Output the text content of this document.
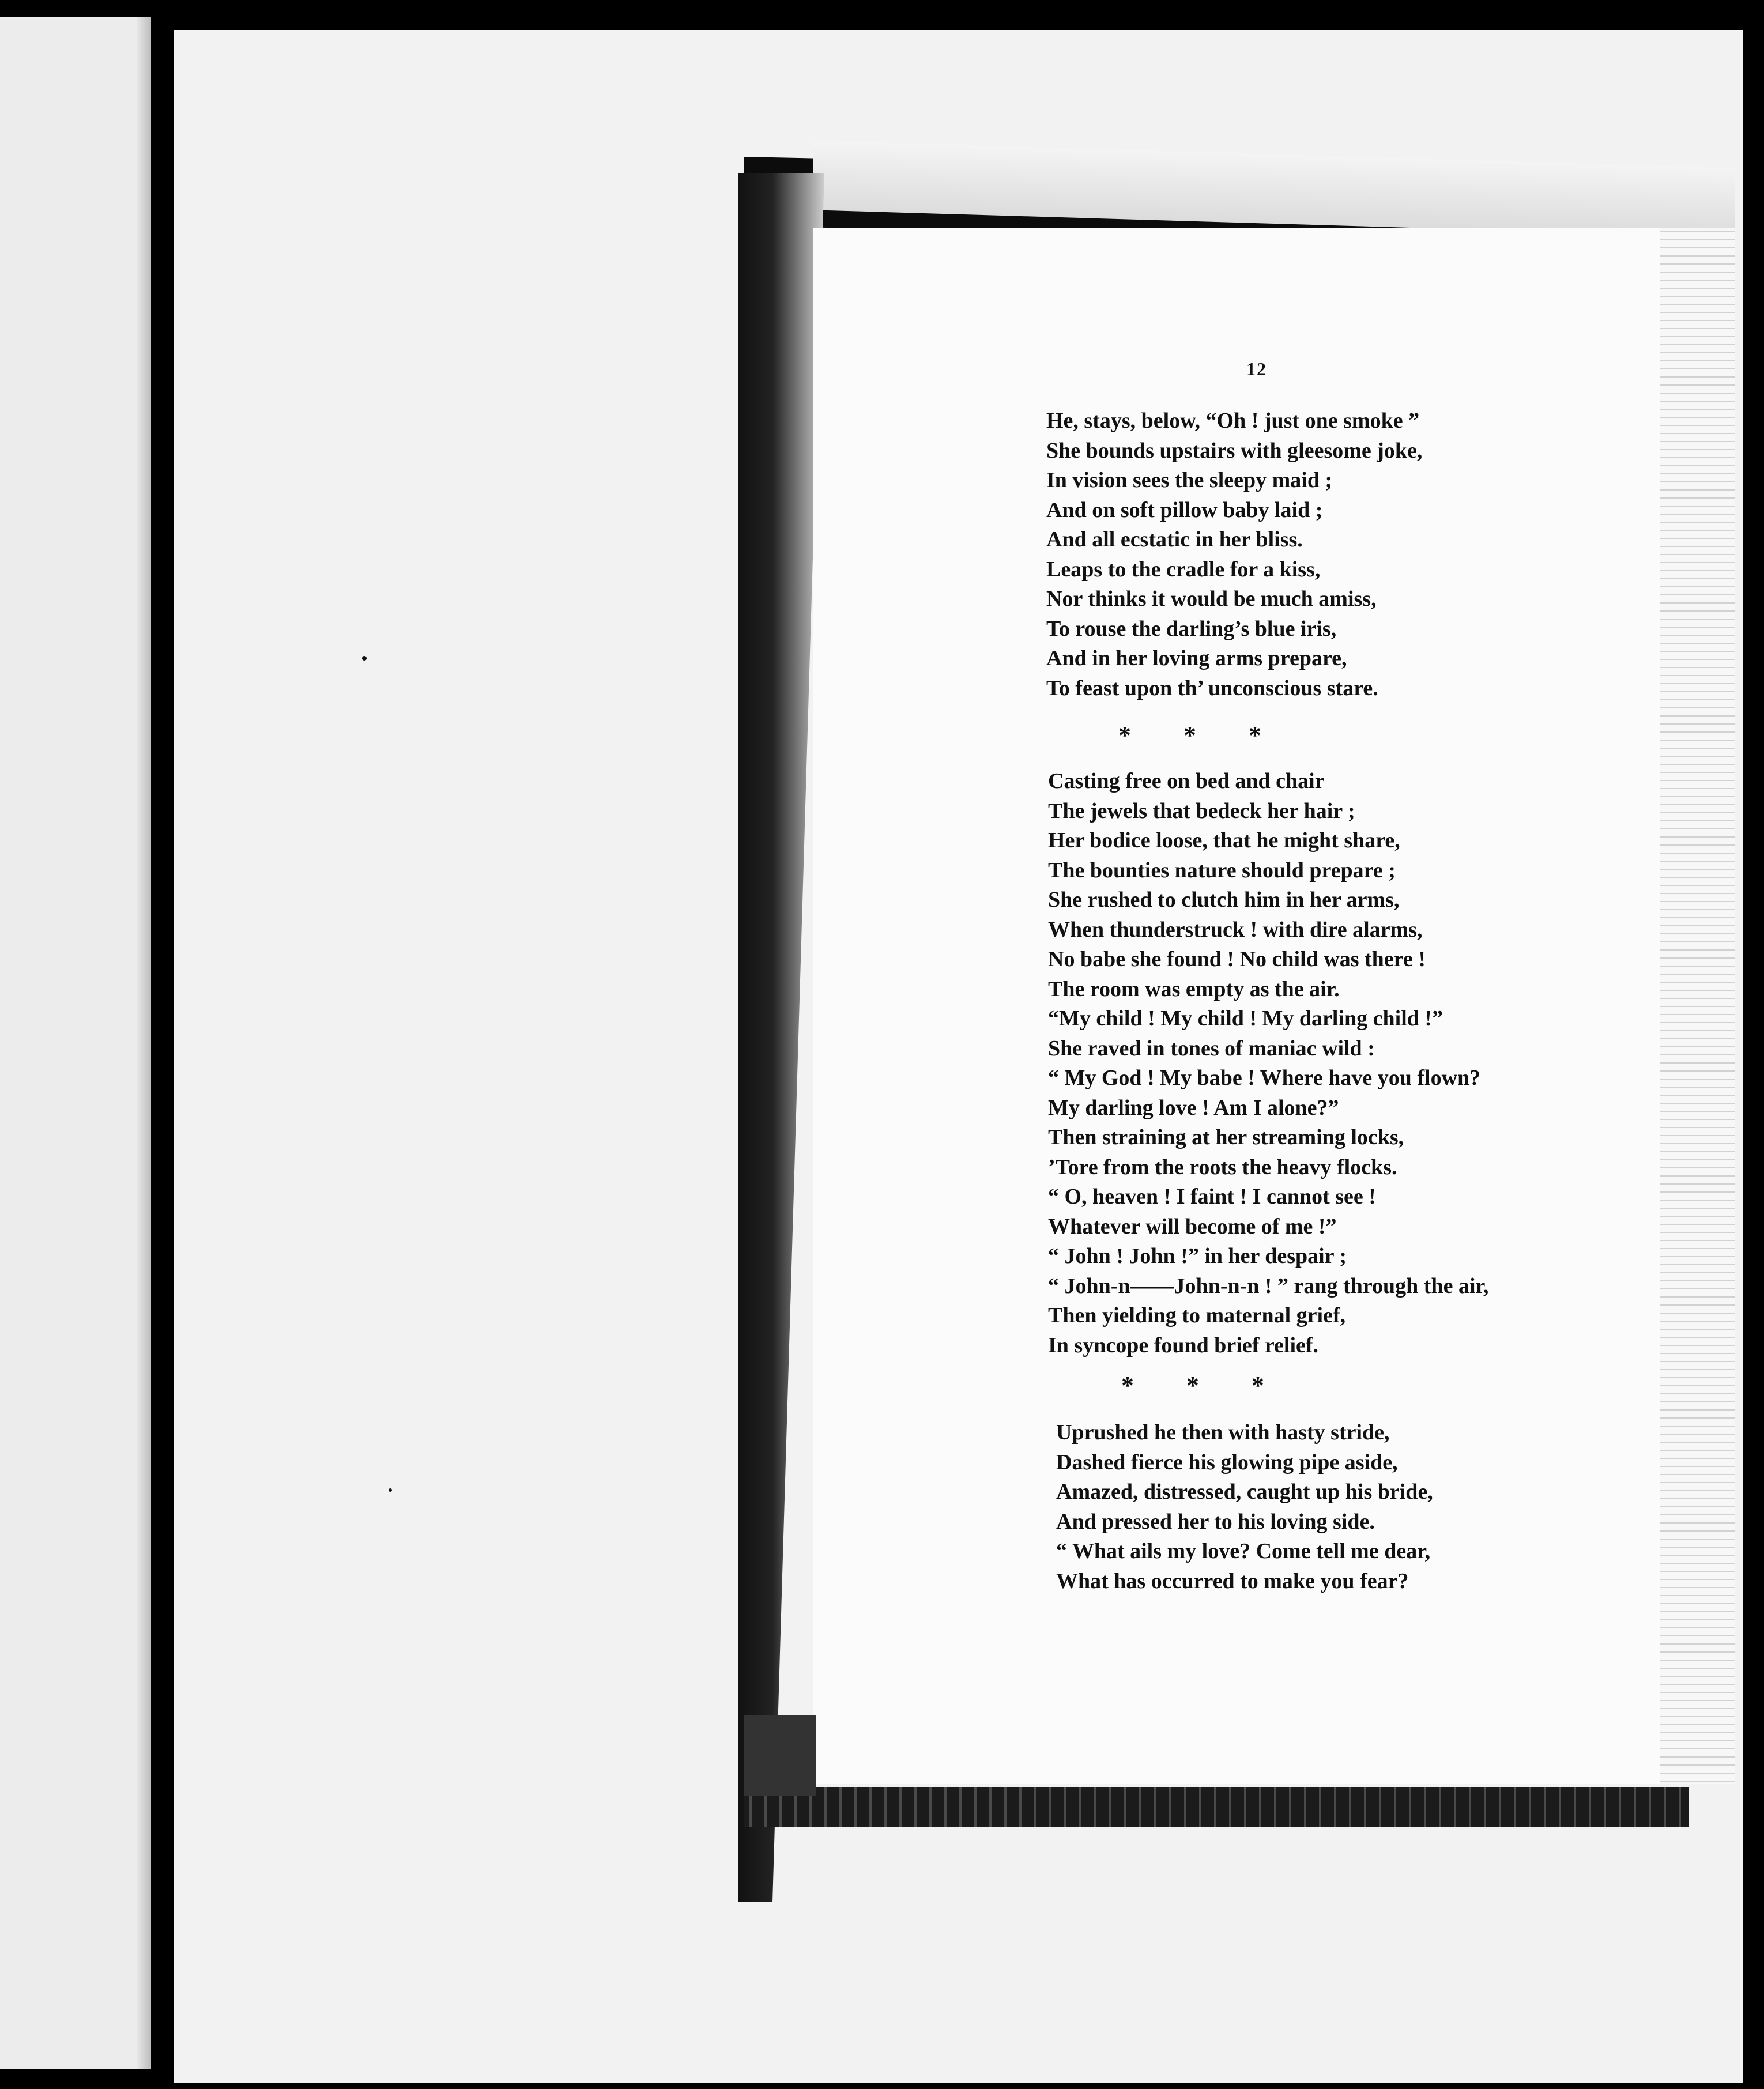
12
He, stays, below, “Oh ! just one smoke ”
She bounds upstairs with gleesome joke,
In vision sees the sleepy maid ;
And on soft pillow baby laid ;
And all ecstatic in her bliss.
Leaps to the cradle for a kiss,
Nor thinks it would be much amiss,
To rouse the darling’s blue iris,
And in her loving arms prepare,
To feast upon th’ unconscious stare.
* * *
Casting free on bed and chair
The jewels that bedeck her hair ;
Her bodice loose, that he might share,
The bounties nature should prepare ;
She rushed to clutch him in her arms,
When thunderstruck ! with dire alarms,
No babe she found ! No child was there !
The room was empty as the air.
“My child ! My child ! My darling child !”
She raved in tones of maniac wild :
“ My God ! My babe ! Where have you flown?
My darling love ! Am I alone?”
Then straining at her streaming locks,
’Tore from the roots the heavy flocks.
“ O, heaven ! I faint ! I cannot see !
Whatever will become of me !”
“ John ! John !” in her despair ;
“ John-n——John-n-n ! ” rang through the air,
Then yielding to maternal grief,
In syncope found brief relief.
* * *
Uprushed he then with hasty stride,
Dashed fierce his glowing pipe aside,
Amazed, distressed, caught up his bride,
And pressed her to his loving side.
“ What ails my love? Come tell me dear,
What has occurred to make you fear?
